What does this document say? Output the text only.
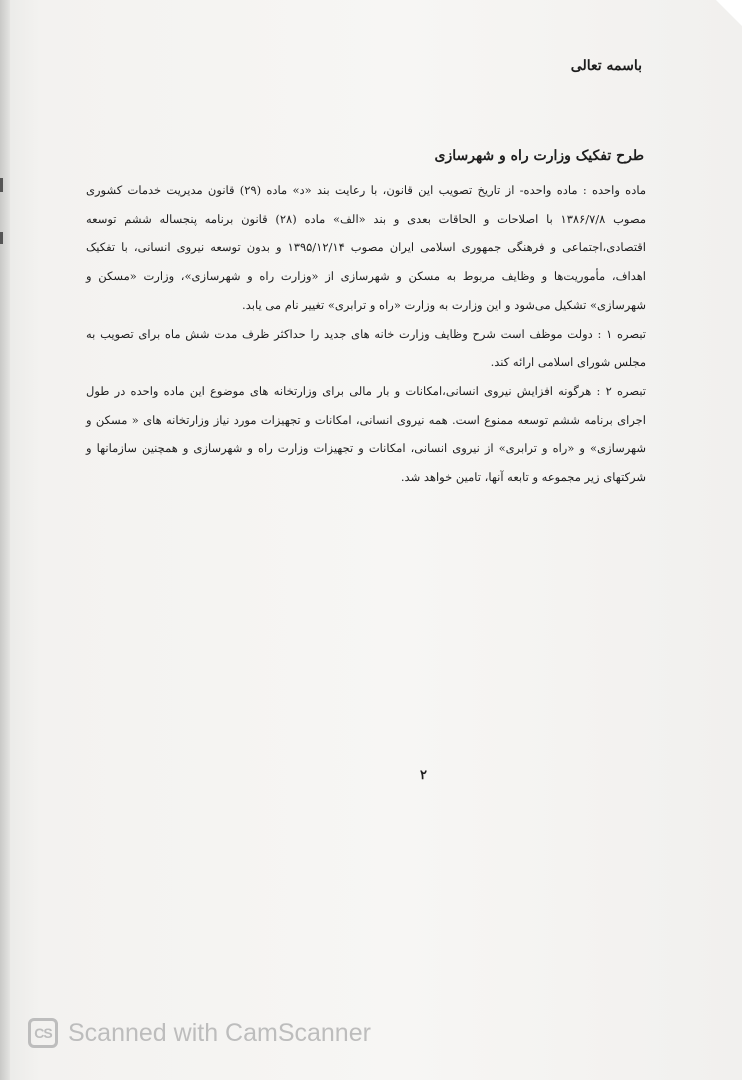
باسمه تعالی
طرح تفکیک وزارت راه و شهرسازی

ماده واحده : ماده واحده- از تاریخ تصویب این قانون، با رعایت بند «د» ماده (۲۹) قانون مدیریت خدمات کشوری مصوب ۱۳۸۶/۷/۸ با اصلاحات و الحاقات بعدی و بند «الف» ماده (۲۸) قانون برنامه پنجساله ششم توسعه اقتصادی،اجتماعی و فرهنگی جمهوری اسلامی ایران مصوب ۱۳۹۵/۱۲/۱۴ و بدون توسعه نیروی انسانی، با تفکیک اهداف، مأموریت‌ها و وظایف مربوط به مسکن و شهرسازی از «وزارت راه و شهرسازی»، وزارت «مسکن و شهرسازی» تشکیل می‌شود و این وزارت به وزارت «راه و ترابری» تغییر نام می یابد.

تبصره ۱ : دولت موظف است شرح وظایف وزارت خانه های جدید را حداکثر ظرف مدت شش ماه برای تصویب به مجلس شورای اسلامی ارائه کند.

تبصره ۲ : هرگونه افزایش نیروی انسانی،امکانات و بار مالی برای وزارتخانه های موضوع این ماده واحده در طول اجرای برنامه ششم توسعه ممنوع است. همه نیروی انسانی، امکانات و تجهیزات مورد نیاز وزارتخانه های « مسکن و شهرسازی» و «راه و ترابری» از نیروی انسانی، امکانات و تجهیزات وزارت راه و شهرسازی و همچنین سازمانها و شرکتهای زیر مجموعه و تابعه آنها، تامین خواهد شد.

۲
CS Scanned with CamScanner
